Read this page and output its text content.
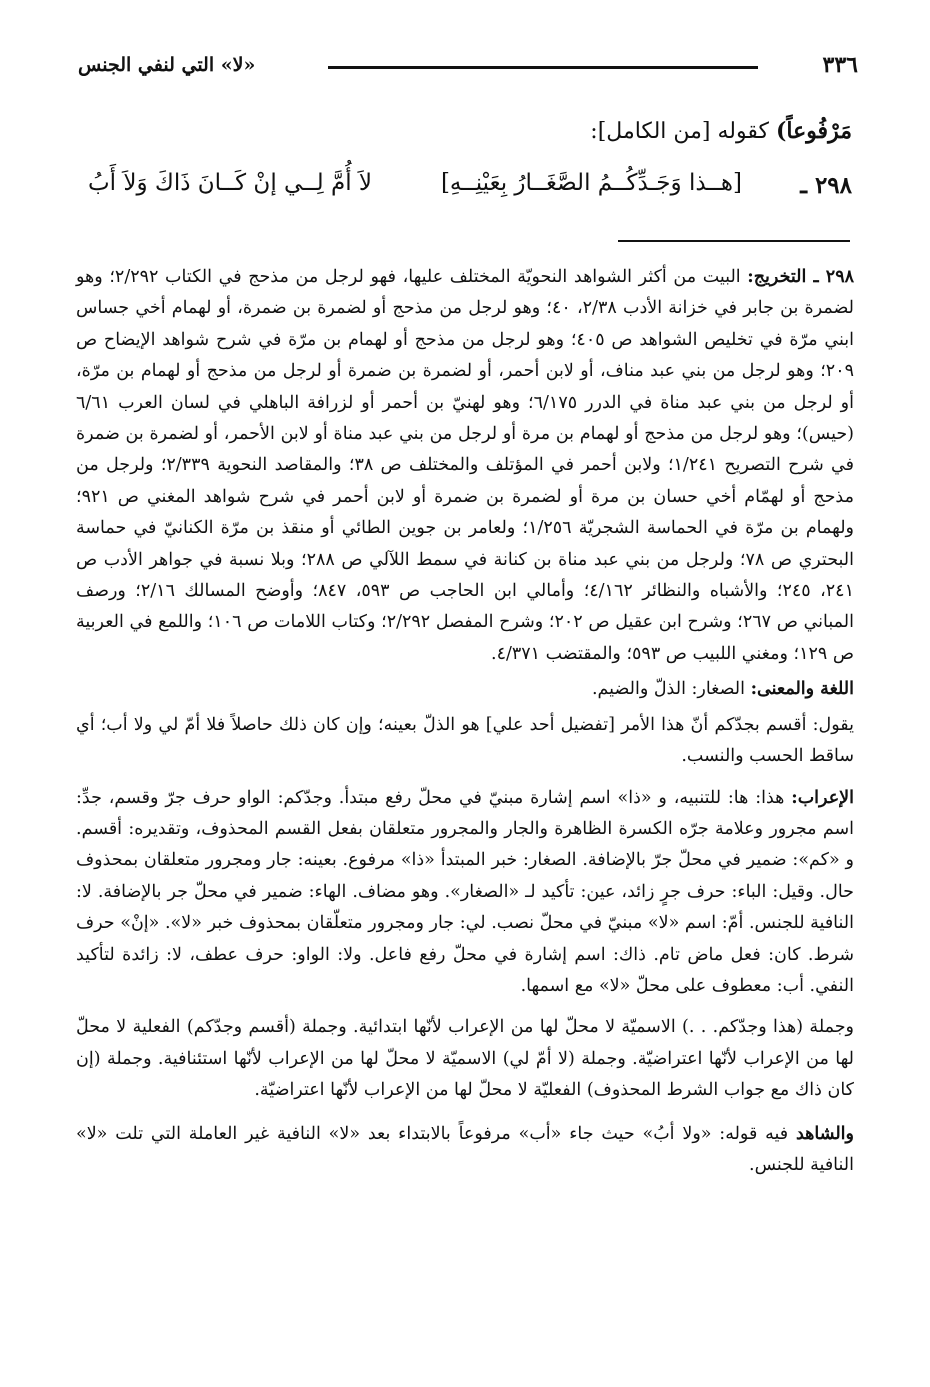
٣٣٦
«لا» التي لنفي الجنس
مَرْفُوعاً) كقوله [من الكامل]:
٢٩٨ ـ
[هــذا وَجَـدِّكُــمُ الصَّغَــارُ بِعَيْنِــهِ]
لاَ أُمَّ لِــي إنْ كَــانَ ذَاكَ وَلاَ أَبُ

٢٩٨ ـ التخريج: البيت من أكثر الشواهد النحويّة المختلف عليها، فهو لرجل من مذحج في الكتاب ٢/٢٩٢؛ وهو لضمرة بن جابر في خزانة الأدب ٢/٣٨، ٤٠؛ وهو لرجل من مذحج أو لضمرة بن ضمرة، أو لهمام أخي جساس ابني مرّة في تخليص الشواهد ص ٤٠٥؛ وهو لرجل من مذحج أو لهمام بن مرّة في شرح شواهد الإيضاح ص ٢٠٩؛ وهو لرجل من بني عبد مناف، أو لابن أحمر، أو لضمرة بن ضمرة أو لرجل من مذحج أو لهمام بن مرّة، أو لرجل من بني عبد مناة في الدرر ٦/١٧٥؛ وهو لهنيّ بن أحمر أو لزرافة الباهلي في لسان العرب ٦/٦١ (حيس)؛ وهو لرجل من مذحج أو لهمام بن مرة أو لرجل من بني عبد مناة أو لابن الأحمر، أو لضمرة بن ضمرة في شرح التصريح ١/٢٤١؛ ولابن أحمر في المؤتلف والمختلف ص ٣٨؛ والمقاصد النحوية ٢/٣٣٩؛ ولرجل من مذحج أو لهمّام أخي حسان بن مرة أو لضمرة بن ضمرة أو لابن أحمر في شرح شواهد المغني ص ٩٢١؛ ولهمام بن مرّة في الحماسة الشجريّة ١/٢٥٦؛ ولعامر بن جوين الطائي أو منقذ بن مرّة الكنانيّ في حماسة البحتري ص ٧٨؛ ولرجل من بني عبد مناة بن كنانة في سمط اللآلي ص ٢٨٨؛ وبلا نسبة في جواهر الأدب ص ٢٤١، ٢٤٥؛ والأشباه والنظائر ٤/١٦٢؛ وأمالي ابن الحاجب ص ٥٩٣، ٨٤٧؛ وأوضح المسالك ٢/١٦؛ ورصف المباني ص ٢٦٧؛ وشرح ابن عقيل ص ٢٠٢؛ وشرح المفصل ٢/٢٩٢؛ وكتاب اللامات ص ١٠٦؛ واللمع في العربية ص ١٢٩؛ ومغني اللبيب ص ٥٩٣؛ والمقتضب ٤/٣٧١.

اللغة والمعنى: الصغار: الذلّ والضيم.

يقول: أقسم بجدّكم أنّ هذا الأمر [تفضيل أحد علي] هو الذلّ بعينه؛ وإن كان ذلك حاصلاً فلا أمّ لي ولا أب؛ أي ساقط الحسب والنسب.

الإعراب: هذا: ها: للتنبيه، و «ذا» اسم إشارة مبنيّ في محلّ رفع مبتدأ. وجدّكم: الواو حرف جرّ وقسم، جدِّ: اسم مجرور وعلامة جرّه الكسرة الظاهرة والجار والمجرور متعلقان بفعل القسم المحذوف، وتقديره: أقسم. و «كم»: ضمير في محلّ جرّ بالإضافة. الصغار: خبر المبتدأ «ذا» مرفوع. بعينه: جار ومجرور متعلقان بمحذوف حال. وقيل: الباء: حرف جرٍ زائد، عين: تأكيد لـ «الصغار». وهو مضاف. الهاء: ضمير في محلّ جر بالإضافة. لا: النافية للجنس. أمّ: اسم «لا» مبنيّ في محلّ نصب. لي: جار ومجرور متعلّقان بمحذوف خبر «لا». «إنْ» حرف شرط. كان: فعل ماض تام. ذاك: اسم إشارة في محلّ رفع فاعل. ولا: الواو: حرف عطف، لا: زائدة لتأكيد النفي. أب: معطوف على محلّ «لا» مع اسمها.

وجملة (هذا وجدّكم. . .) الاسميّة لا محلّ لها من الإعراب لأنّها ابتدائية. وجملة (أقسم وجدّكم) الفعلية لا محلّ لها من الإعراب لأنّها اعتراضيّة. وجملة (لا أمّ لي) الاسميّة لا محلّ لها من الإعراب لأنّها استئنافية. وجملة (إن كان ذاك مع جواب الشرط المحذوف) الفعليّة لا محلّ لها من الإعراب لأنّها اعتراضيّة.

والشاهد فيه قوله: «ولا أبُ» حيث جاء «أب» مرفوعاً بالابتداء بعد «لا» النافية غير العاملة التي تلت «لا» النافية للجنس.
